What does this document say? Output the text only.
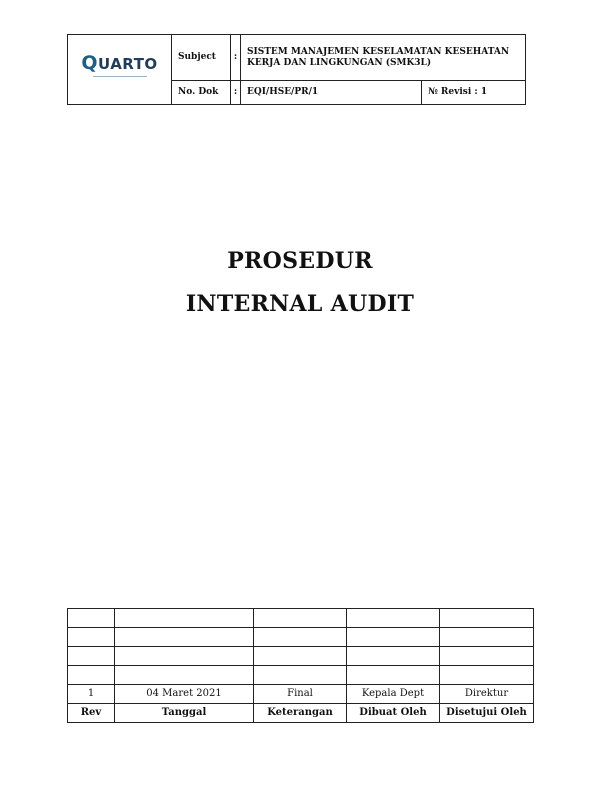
QUARTO	Subject	:	SISTEM MANAJEMEN KESELAMATAN KESEHATAN KERJA DAN LINGKUNGAN (SMK3L)	
	No. Dok	:	EQI/HSE/PR/1	№ Revisi : 1
PROSEDUR
INTERNAL AUDIT

1	04 Maret 2021	Final	Kepala Dept	Direktur
Rev	Tanggal	Keterangan	Dibuat Oleh	Disetujui Oleh
